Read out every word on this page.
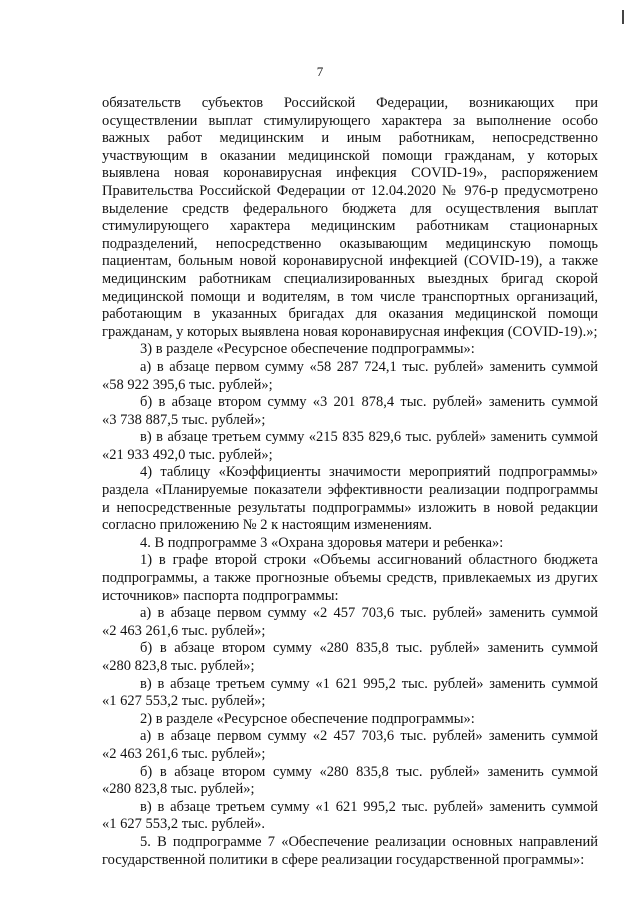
7

обязательств субъектов Российской Федерации, возникающих при

осуществлении выплат стимулирующего характера за выполнение особо

важных работ медицинским и иным работникам, непосредственно

участвующим в оказании медицинской помощи гражданам, у которых

выявлена новая коронавирусная инфекция COVID-19», распоряжением

Правительства Российской Федерации от 12.04.2020 № 976-р предусмотрено

выделение средств федерального бюджета для осуществления выплат

стимулирующего характера медицинским работникам стационарных

подразделений, непосредственно оказывающим медицинскую помощь

пациентам, больным новой коронавирусной инфекцией (COVID-19), а также

медицинским работникам специализированных выездных бригад скорой

медицинской помощи и водителям, в том числе транспортных организаций,

работающим в указанных бригадах для оказания медицинской помощи

гражданам, у которых выявлена новая коронавирусная инфекция (COVID-19).»;

3) в разделе «Ресурсное обеспечение подпрограммы»:

а) в абзаце первом сумму «58 287 724,1 тыс. рублей» заменить суммой

«58 922 395,6 тыс. рублей»;

б) в абзаце втором сумму «3 201 878,4 тыс. рублей» заменить суммой

«3 738 887,5 тыс. рублей»;

в) в абзаце третьем сумму «215 835 829,6 тыс. рублей» заменить суммой

«21 933 492,0 тыс. рублей»;

4) таблицу «Коэффициенты значимости мероприятий подпрограммы»

раздела «Планируемые показатели эффективности реализации подпрограммы

и непосредственные результаты подпрограммы» изложить в новой редакции

согласно приложению № 2 к настоящим изменениям.

4. В подпрограмме 3 «Охрана здоровья матери и ребенка»:

1) в графе второй строки «Объемы ассигнований областного бюджета

подпрограммы, а также прогнозные объемы средств, привлекаемых из других

источников» паспорта подпрограммы:

а) в абзаце первом сумму «2 457 703,6 тыс. рублей» заменить суммой

«2 463 261,6 тыс. рублей»;

б) в абзаце втором сумму «280 835,8 тыс. рублей» заменить суммой

«280 823,8 тыс. рублей»;

в) в абзаце третьем сумму «1 621 995,2 тыс. рублей» заменить суммой

«1 627 553,2 тыс. рублей»;

2) в разделе «Ресурсное обеспечение подпрограммы»:

а) в абзаце первом сумму «2 457 703,6 тыс. рублей» заменить суммой

«2 463 261,6 тыс. рублей»;

б) в абзаце втором сумму «280 835,8 тыс. рублей» заменить суммой

«280 823,8 тыс. рублей»;

в) в абзаце третьем сумму «1 621 995,2 тыс. рублей» заменить суммой

«1 627 553,2 тыс. рублей».

5. В подпрограмме 7 «Обеспечение реализации основных направлений

государственной политики в сфере реализации государственной программы»:
